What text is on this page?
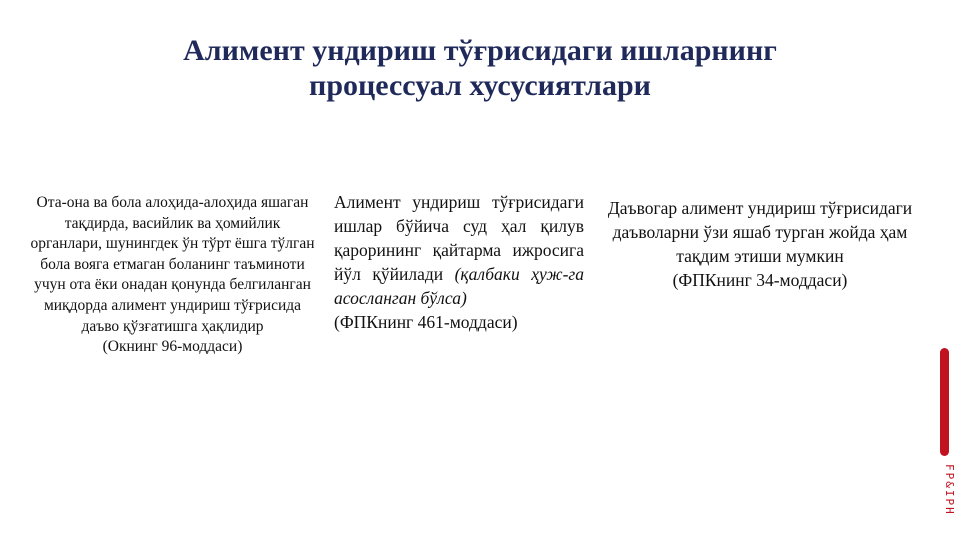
Алимент ундириш тўғрисидаги ишларнинг
процессуал хусусиятлари
Ота-она ва бола алоҳида-алоҳида яшаган тақдирда, васийлик ва ҳомийлик органлари, шунингдек ўн тўрт ёшга тўлган бола вояга етмаган боланинг таъминоти учун ота ёки онадан қонунда белгиланган миқдорда алимент ундириш тўғрисида даъво қўзғатишга ҳақлидир
(Окнинг 96-моддаси)
Алимент ундириш тўғрисидаги ишлар бўйича суд ҳал қилув қарорининг қайтарма ижросига йўл қўйилади (қалбаки ҳуж-га асосланган бўлса)
(ФПКнинг 461-моддаси)
Даъвогар алимент ундириш тўғрисидаги даъволарни ўзи яшаб турган жойда ҳам тақдим этиши мумкин
(ФПКнинг 34-моддаси)
FP&IPH
